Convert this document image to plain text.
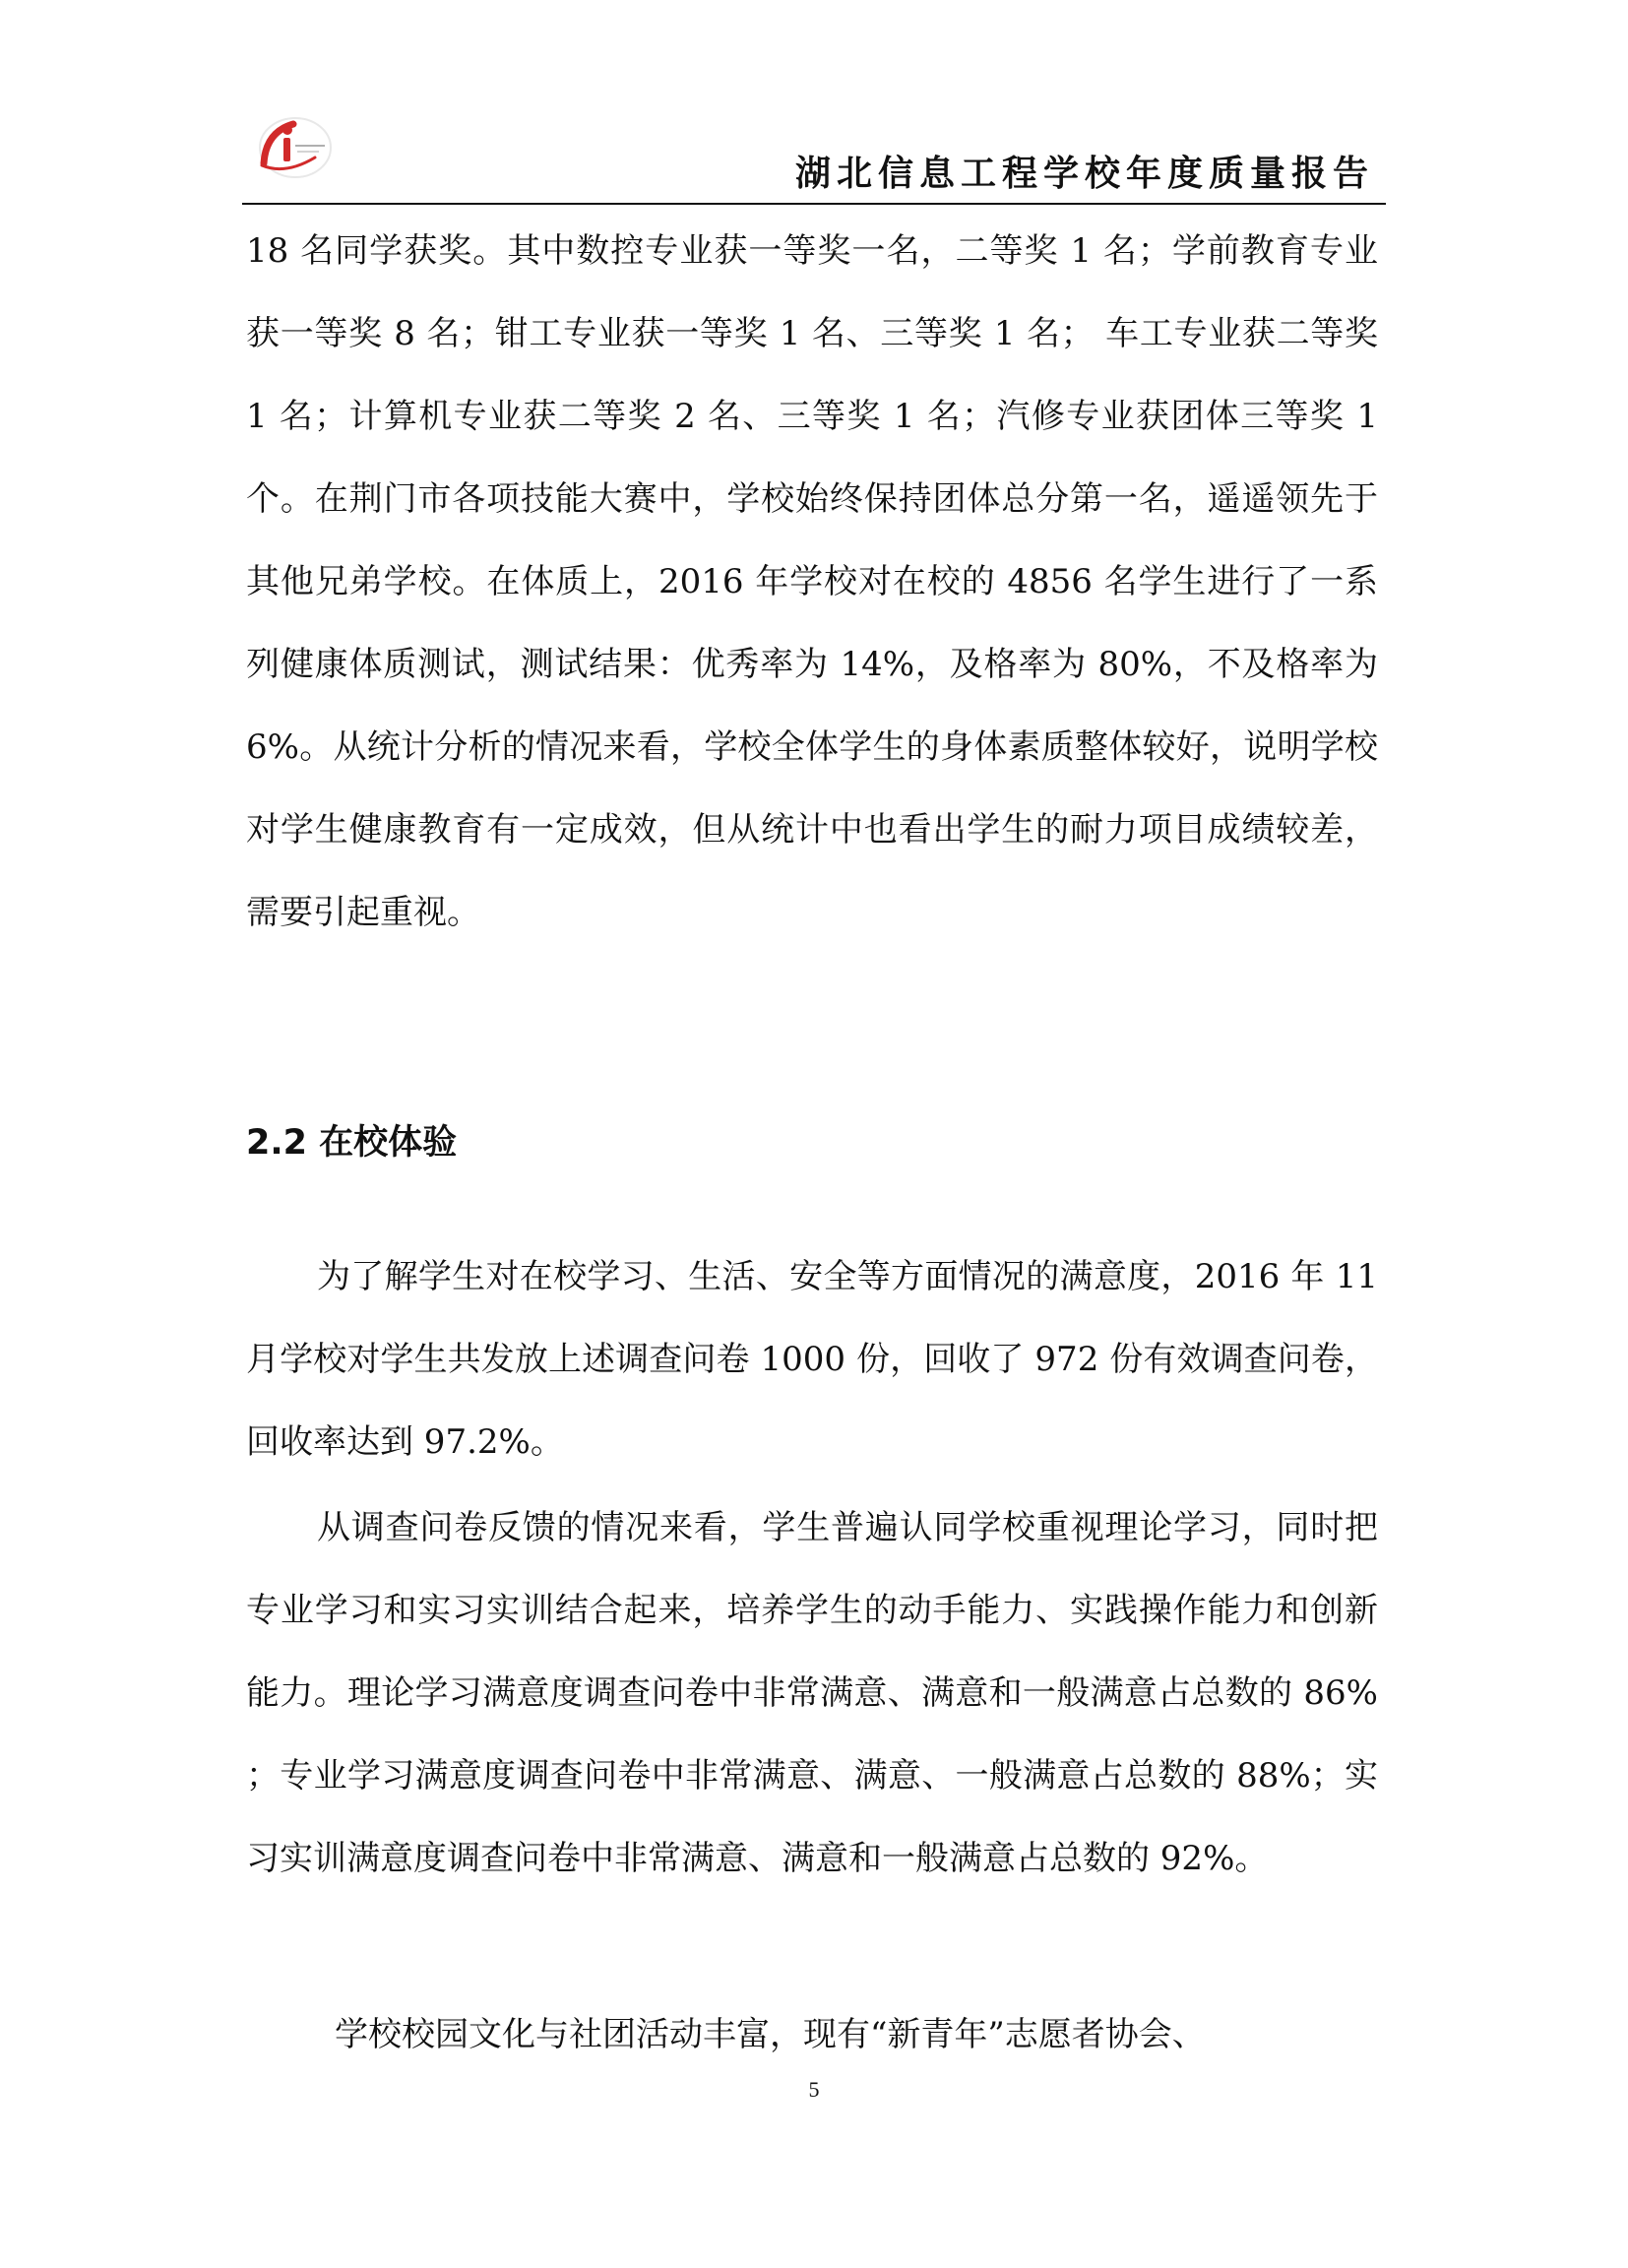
湖北信息工程学校年度质量报告
18 名同学获奖。其中数控专业获一等奖一名，二等奖 1 名；学前教育专业获一等奖 8 名；钳工专业获一等奖 1 名、三等奖 1 名； 车工专业获二等奖 1 名；计算机专业获二等奖 2 名、三等奖 1 名；汽修专业获团体三等奖 1 个。在荆门市各项技能大赛中，学校始终保持团体总分第一名，遥遥领先于其他兄弟学校。在体质上，2016 年学校对在校的 4856 名学生进行了一系列健康体质测试，测试结果：优秀率为 14%，及格率为 80%，不及格率为 6%。从统计分析的情况来看，学校全体学生的身体素质整体较好，说明学校对学生健康教育有一定成效，但从统计中也看出学生的耐力项目成绩较差，需要引起重视。
2.2 在校体验
为了解学生对在校学习、生活、安全等方面情况的满意度，2016 年 11 月学校对学生共发放上述调查问卷 1000 份，回收了 972 份有效调查问卷，回收率达到 97.2%。
从调查问卷反馈的情况来看，学生普遍认同学校重视理论学习，同时把专业学习和实习实训结合起来，培养学生的动手能力、实践操作能力和创新能力。理论学习满意度调查问卷中非常满意、满意和一般满意占总数的 86% ；专业学习满意度调查问卷中非常满意、满意、一般满意占总数的 88%；实习实训满意度调查问卷中非常满意、满意和一般满意占总数的 92%。
学校校园文化与社团活动丰富，现有“新青年”志愿者协会、
5
